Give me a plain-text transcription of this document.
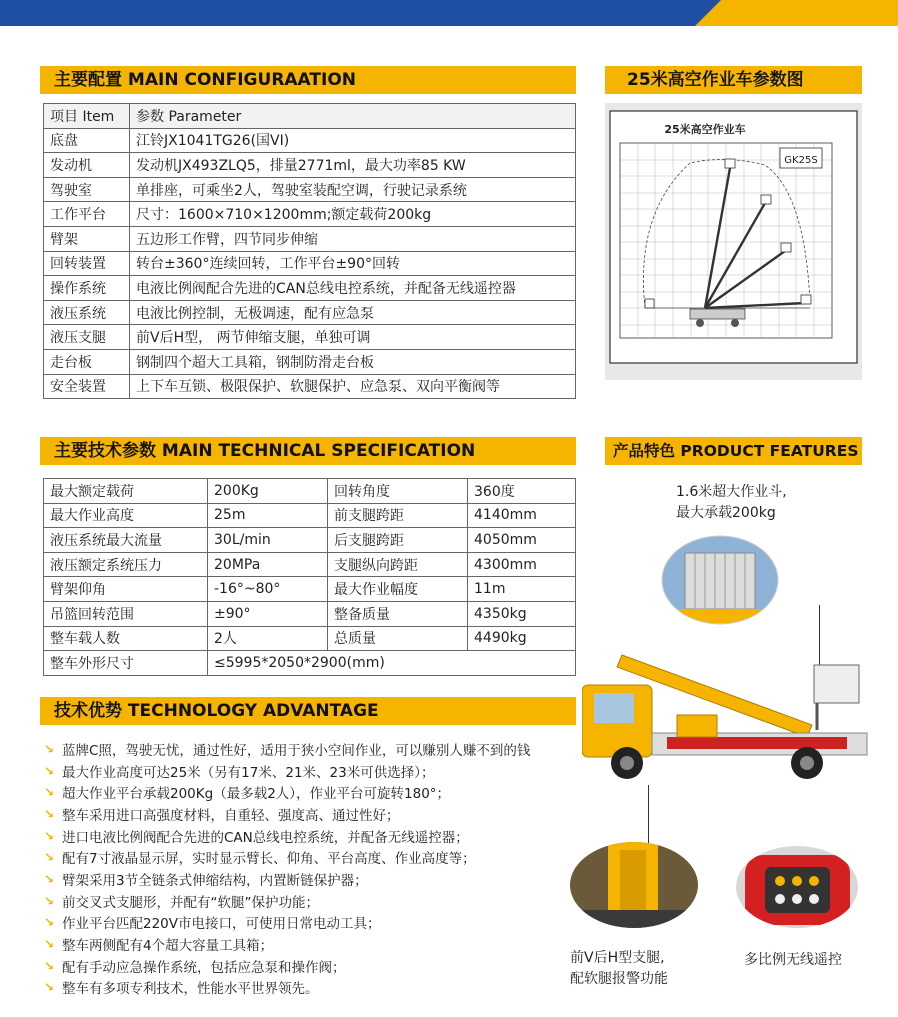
主要配置 MAIN CONFIGURAATION
项目 Item	参数 Parameter
底盘	江铃JX1041TG26(国VI)
发动机	发动机JX493ZLQ5，排量2771ml，最大功率85 KW
驾驶室	单排座，可乘坐2人，驾驶室装配空调，行驶记录系统
工作平台	尺寸：1600×710×1200mm;额定载荷200kg
臂架	五边形工作臂，四节同步伸缩
回转装置	转台±360°连续回转，工作平台±90°回转
操作系统	电液比例阀配合先进的CAN总线电控系统，并配备无线遥控器
液压系统	电液比例控制，无极调速，配有应急泵
液压支腿	前V后H型， 两节伸缩支腿，单独可调
走台板	钢制四个超大工具箱，钢制防滑走台板
安全装置	上下车互锁、极限保护、软腿保护、应急泵、双向平衡阀等
25米高空作业车参数图
25米高空作业车
GK25S
主要技术参数 MAIN TECHNICAL SPECIFICATION
最大额定载荷	200Kg	回转角度	360度
最大作业高度	25m	前支腿跨距	4140mm
液压系统最大流量	30L/min	后支腿跨距	4050mm
液压额定系统压力	20MPa	支腿纵向跨距	4300mm
臂架仰角	-16°~80°	最大作业幅度	11m
吊篮回转范围	±90°	整备质量	4350kg
整车载人数	2人	总质量	4490kg
整车外形尺寸	≤5995*2050*2900(mm)		
技术优势 TECHNOLOGY ADVANTAGE
↘ 蓝牌C照，驾驶无忧，通过性好，适用于狭小空间作业，可以赚别人赚不到的钱
↘ 最大作业高度可达25米（另有17米、21米、23米可供选择）；
↘ 超大作业平台承载200Kg（最多载2人），作业平台可旋转180°；
↘ 整车采用进口高强度材料，自重轻、强度高、通过性好；
↘ 进口电液比例阀配合先进的CAN总线电控系统，并配备无线遥控器；
↘ 配有7寸液晶显示屏，实时显示臂长、仰角、平台高度、作业高度等；
↘ 臂架采用3节全链条式伸缩结构，内置断链保护器；
↘ 前交叉式支腿形，并配有“软腿”保护功能；
↘ 作业平台匹配220V市电接口，可使用日常电动工具；
↘ 整车两侧配有4个超大容量工具箱；
↘ 配有手动应急操作系统，包括应急泵和操作阀；
↘ 整车有多项专利技术，性能水平世界领先。
产品特色 PRODUCT FEATURES
1.6米超大作业斗,
最大承载200kg
前V后H型支腿,
配软腿报警功能
多比例无线遥控
